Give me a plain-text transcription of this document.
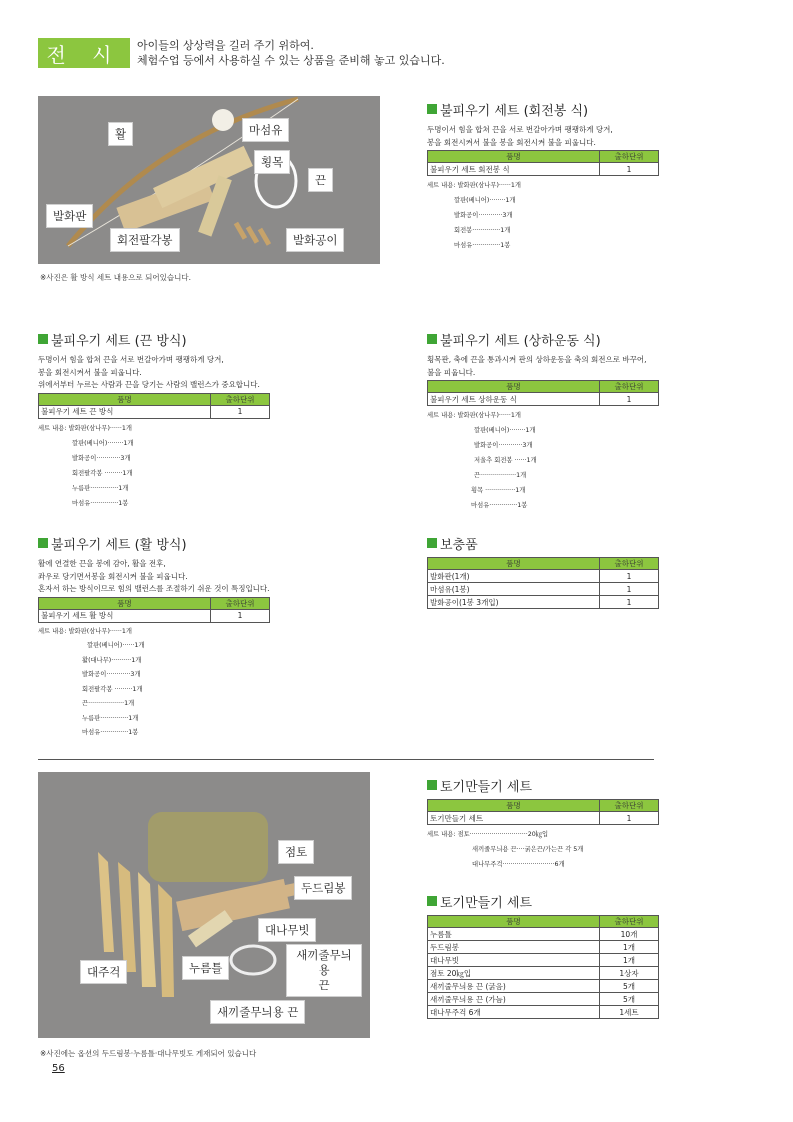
전 시	아이들의 상상력을 길러 주기 위하여.
체험수업 등에서 사용하실 수 있는 상품을 준비해 놓고 있습니다.
활	마섬유
횡목
끈
발화판
회전팔각봉	발화공이
※사진은 활 방식 세트 내용으로 되어있습니다.
불피우기 세트 (회전봉 식)
두명이서 힘을 합쳐 끈을 서로 번갈아가며 팽팽하게 당겨,
봉을 회전시켜서 불을 봉을 회전시켜 불을 피웁니다.
품명	출하단위
불피우기 세트 회전봉 식	1
세트 내용: 발화판(삼나무)······1개
깔판(베니어)········1개
발화공이············3개
회전봉··············1개
마섬유··············1봉
불피우기 세트 (끈 방식)
두명이서 힘을 합쳐 끈을 서로 번갈아가며 팽팽하게 당겨,
봉을 회전시켜서 불을 피웁니다.
위에서부터 누르는 사람과 끈을 당기는 사람의 밸런스가 중요합니다.
품명	출하단위
불피우기 세트 끈 방식	1
세트 내용: 발화판(삼나무)······1개
깔판(베니어)········1개
발화공이············3개
회전팔각봉 ·········1개
누름판··············1개
마섬유··············1봉
불피우기 세트 (상하운동 식)
횡목판, 축에 끈을 통과시켜 판의 상하운동을 축의 회전으로 바꾸어,
불을 피웁니다.
품명	출하단위
불피우기 세트 상하운동 식	1
세트 내용: 발화판(삼나무)······1개
깔판(베니어)········1개
발화공이············3개
저울추 회전봉 ······1개
끈··················1개
횡목 ···············1개
마섬유··············1봉
불피우기 세트 (활 방식)
활에 연결한 끈을 봉에 감아, 활을 전후,
좌우로 당기면서봉을 회전시켜 불을 피웁니다.
혼자서 하는 방식이므로 힘의 밸런스를 조절하기 쉬운 것이 특징입니다.
품명	출하단위
불피우기 세트 활 방식	1
세트 내용: 발화판(삼나무)······1개
깔판(베니어)······1개
활(대나무)··········1개
발화공이············3개
회전팔각봉 ·········1개
끈··················1개
누름판··············1개
마섬유··············1봉
보충품
품명	출하단위
발화판(1개)	1
마섬유(1봉)	1
발화공이(1봉 3개입)	1
점토
두드림봉
대나무빗
새끼줄무늬용
끈
대주걱	누름틀
새끼줄무늬용 끈
※사진에는 옵션의 두드림봉·누름틀·대나무빗도 게재되어 있습니다
토기만들기 세트
품명	출하단위
토기만들기 세트	1
세트 내용: 점토·····························20㎏입
새끼줄무늬용 끈····굵은끈/가는끈 각 5개
대나무주걱··························6개
토기만들기 세트
품명	출하단위
누름틀	10개
두드림봉	1개
대나무빗	1개
점토 20㎏입	1상자
새끼줄무늬용 끈 (굵음)	5개
새끼줄무늬용 끈 (가늠)	5개
대나무주걱 6개	1세트
56
